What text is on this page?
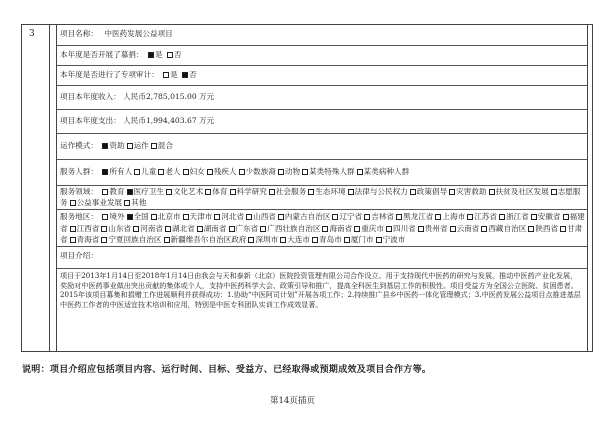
3	项目名称： 中医药发展公益项目
本年度是否开展了募捐： 是 否
本年度是否进行了专项审计： 是 否
项目本年度收入： 人民币2,785,015.00 万元
项目本年度支出： 人民币1,994,403.67 万元
运作模式： 资助 运作 混合
服务人群： 所有人 儿童 老人 妇女 残疾人 少数族裔 动物 某类特殊人群 某类病种人群
服务领域： 教育 医疗卫生 文化艺术 体育 科学研究 社会服务 生态环境 法律与公民权力 政策倡导 灾害救助 扶贫及社区发展 志愿服务 公益事业发展 其他
服务地区： 境外 全国 北京市 天津市 河北省 山西省 内蒙古自治区 辽宁省 吉林省 黑龙江省 上海市 江苏省 浙江省 安徽省 福建省 江西省 山东省 河南省 湖北省 湖南省 广东省 广西壮族自治区 海南省 重庆市 四川省 贵州省 云南省 西藏自治区 陕西省 甘肃省 青海省 宁夏回族自治区 新疆维吾尔自治区政府 深圳市 大连市 青岛市 厦门市 宁波市
项目介绍：
项目于2013年1月14日至2018年1月14日由我会与天和泰新（北京）医院投资管理有限公司合作设立。用于支持现代中医药的研究与发展，推动中医药产业化发展，奖励对中医药事业做出突出贡献的集体或个人，支持中医药科学大会、政策引导和推广，提高全科医生到基层工作的积极性。项目受益方为全国公立医院、贫困患者。2015年该项目募集和捐赠工作进展顺利并获得成功：1.协助“中医阿司计划”开展各项工作；2.持续推广县乡中医药一体化管理模式；3.中医药发展公益项目点推进基层中医药工作者的中医适宜技术培训和应用，特别是中医专科团队实训工作成效显著。
说明：项目介绍应包括项目内容、运行时间、目标、受益方、已经取得或预期成效及项目合作方等。
第14页插页
